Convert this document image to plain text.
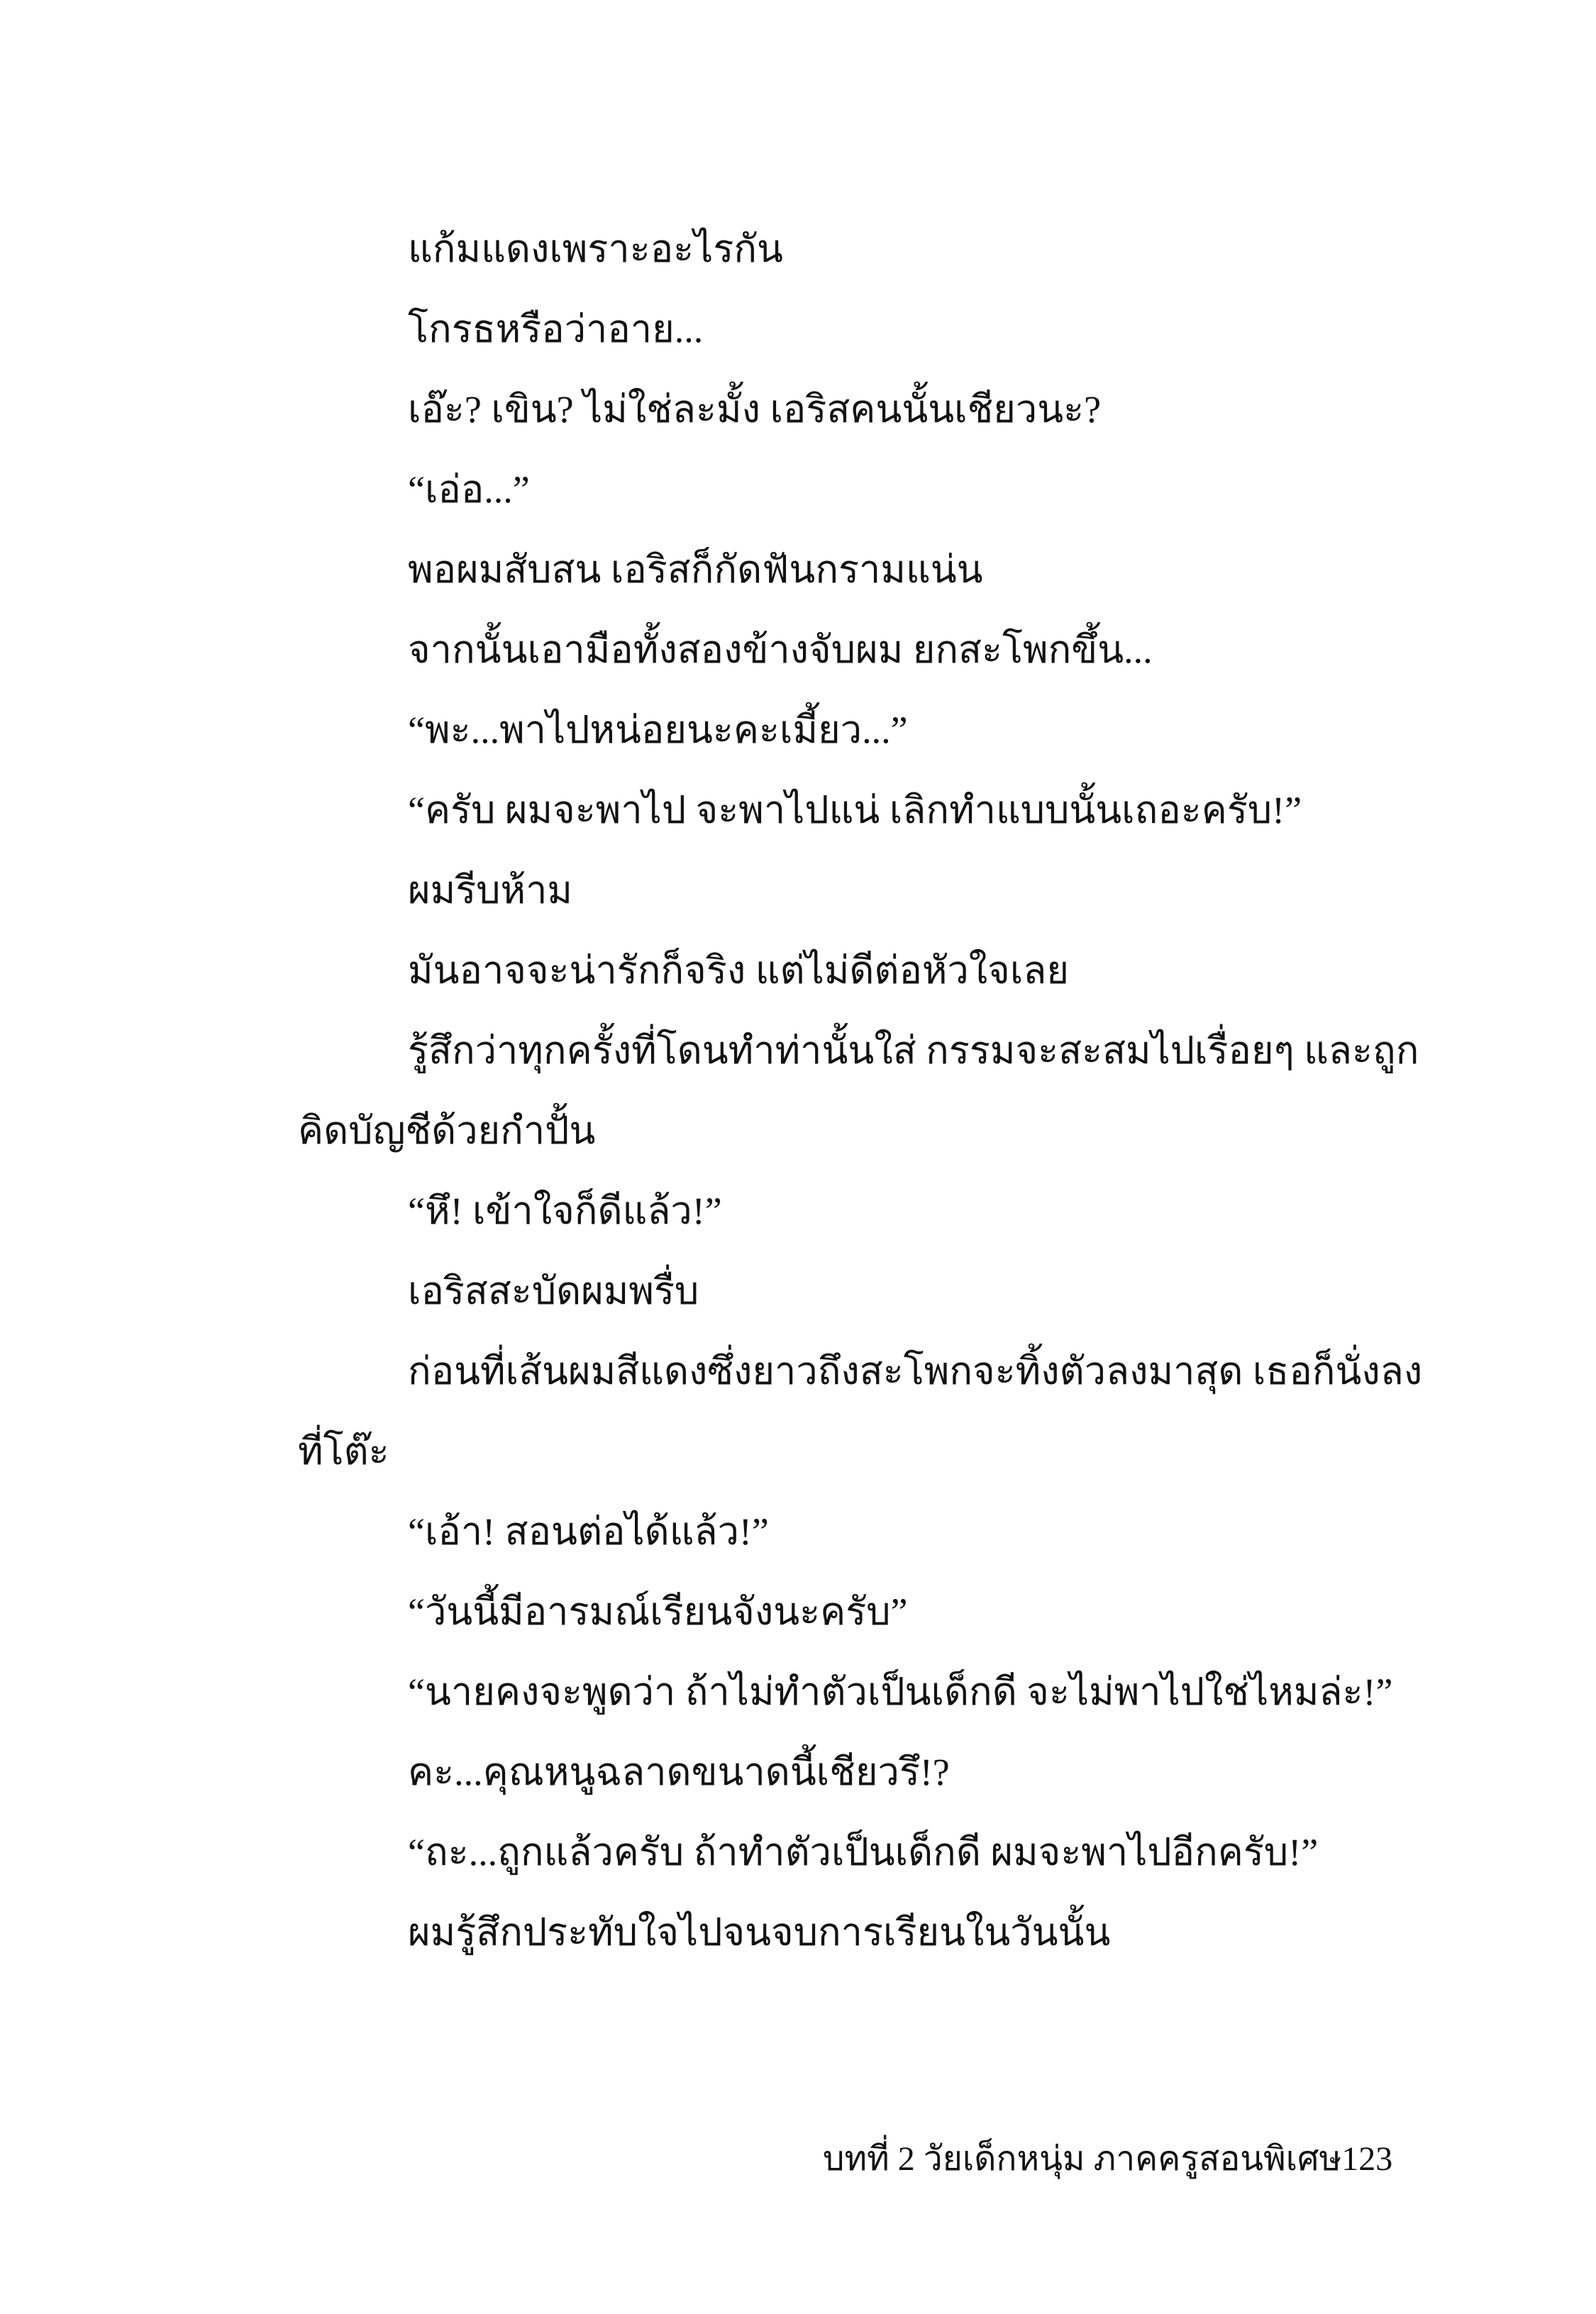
แก้มแดงเพราะอะไรกัน
โกรธหรือว่าอาย...
เอ๊ะ? เขิน? ไม่ใช่ละมั้ง เอริสคนนั้นเชียวนะ?
“เอ่อ...”
พอผมสับสน เอริสก็กัดฟันกรามแน่น
จากนั้นเอามือทั้งสองข้างจับผม ยกสะโพกขึ้น...
“พะ...พาไปหน่อยนะคะเมี้ยว...”
“ครับ ผมจะพาไป จะพาไปแน่ เลิกทำแบบนั้นเถอะครับ!”
ผมรีบห้าม
มันอาจจะน่ารักก็จริง แต่ไม่ดีต่อหัวใจเลย
รู้สึกว่าทุกครั้งที่โดนทำท่านั้นใส่ กรรมจะสะสมไปเรื่อยๆ และถูก
คิดบัญชีด้วยกำปั้น
“หึ! เข้าใจก็ดีแล้ว!”
เอริสสะบัดผมพรื่บ
ก่อนที่เส้นผมสีแดงซึ่งยาวถึงสะโพกจะทิ้งตัวลงมาสุด เธอก็นั่งลง
ที่โต๊ะ
“เอ้า! สอนต่อได้แล้ว!”
“วันนี้มีอารมณ์เรียนจังนะครับ”
“นายคงจะพูดว่า ถ้าไม่ทำตัวเป็นเด็กดี จะไม่พาไปใช่ไหมล่ะ!”
คะ...คุณหนูฉลาดขนาดนี้เชียวรึ!?
“ถะ...ถูกแล้วครับ ถ้าทำตัวเป็นเด็กดี ผมจะพาไปอีกครับ!”
ผมรู้สึกประทับใจไปจนจบการเรียนในวันนั้น
บทที่ 2 วัยเด็กหนุ่ม ภาคครูสอนพิเศษ 123
